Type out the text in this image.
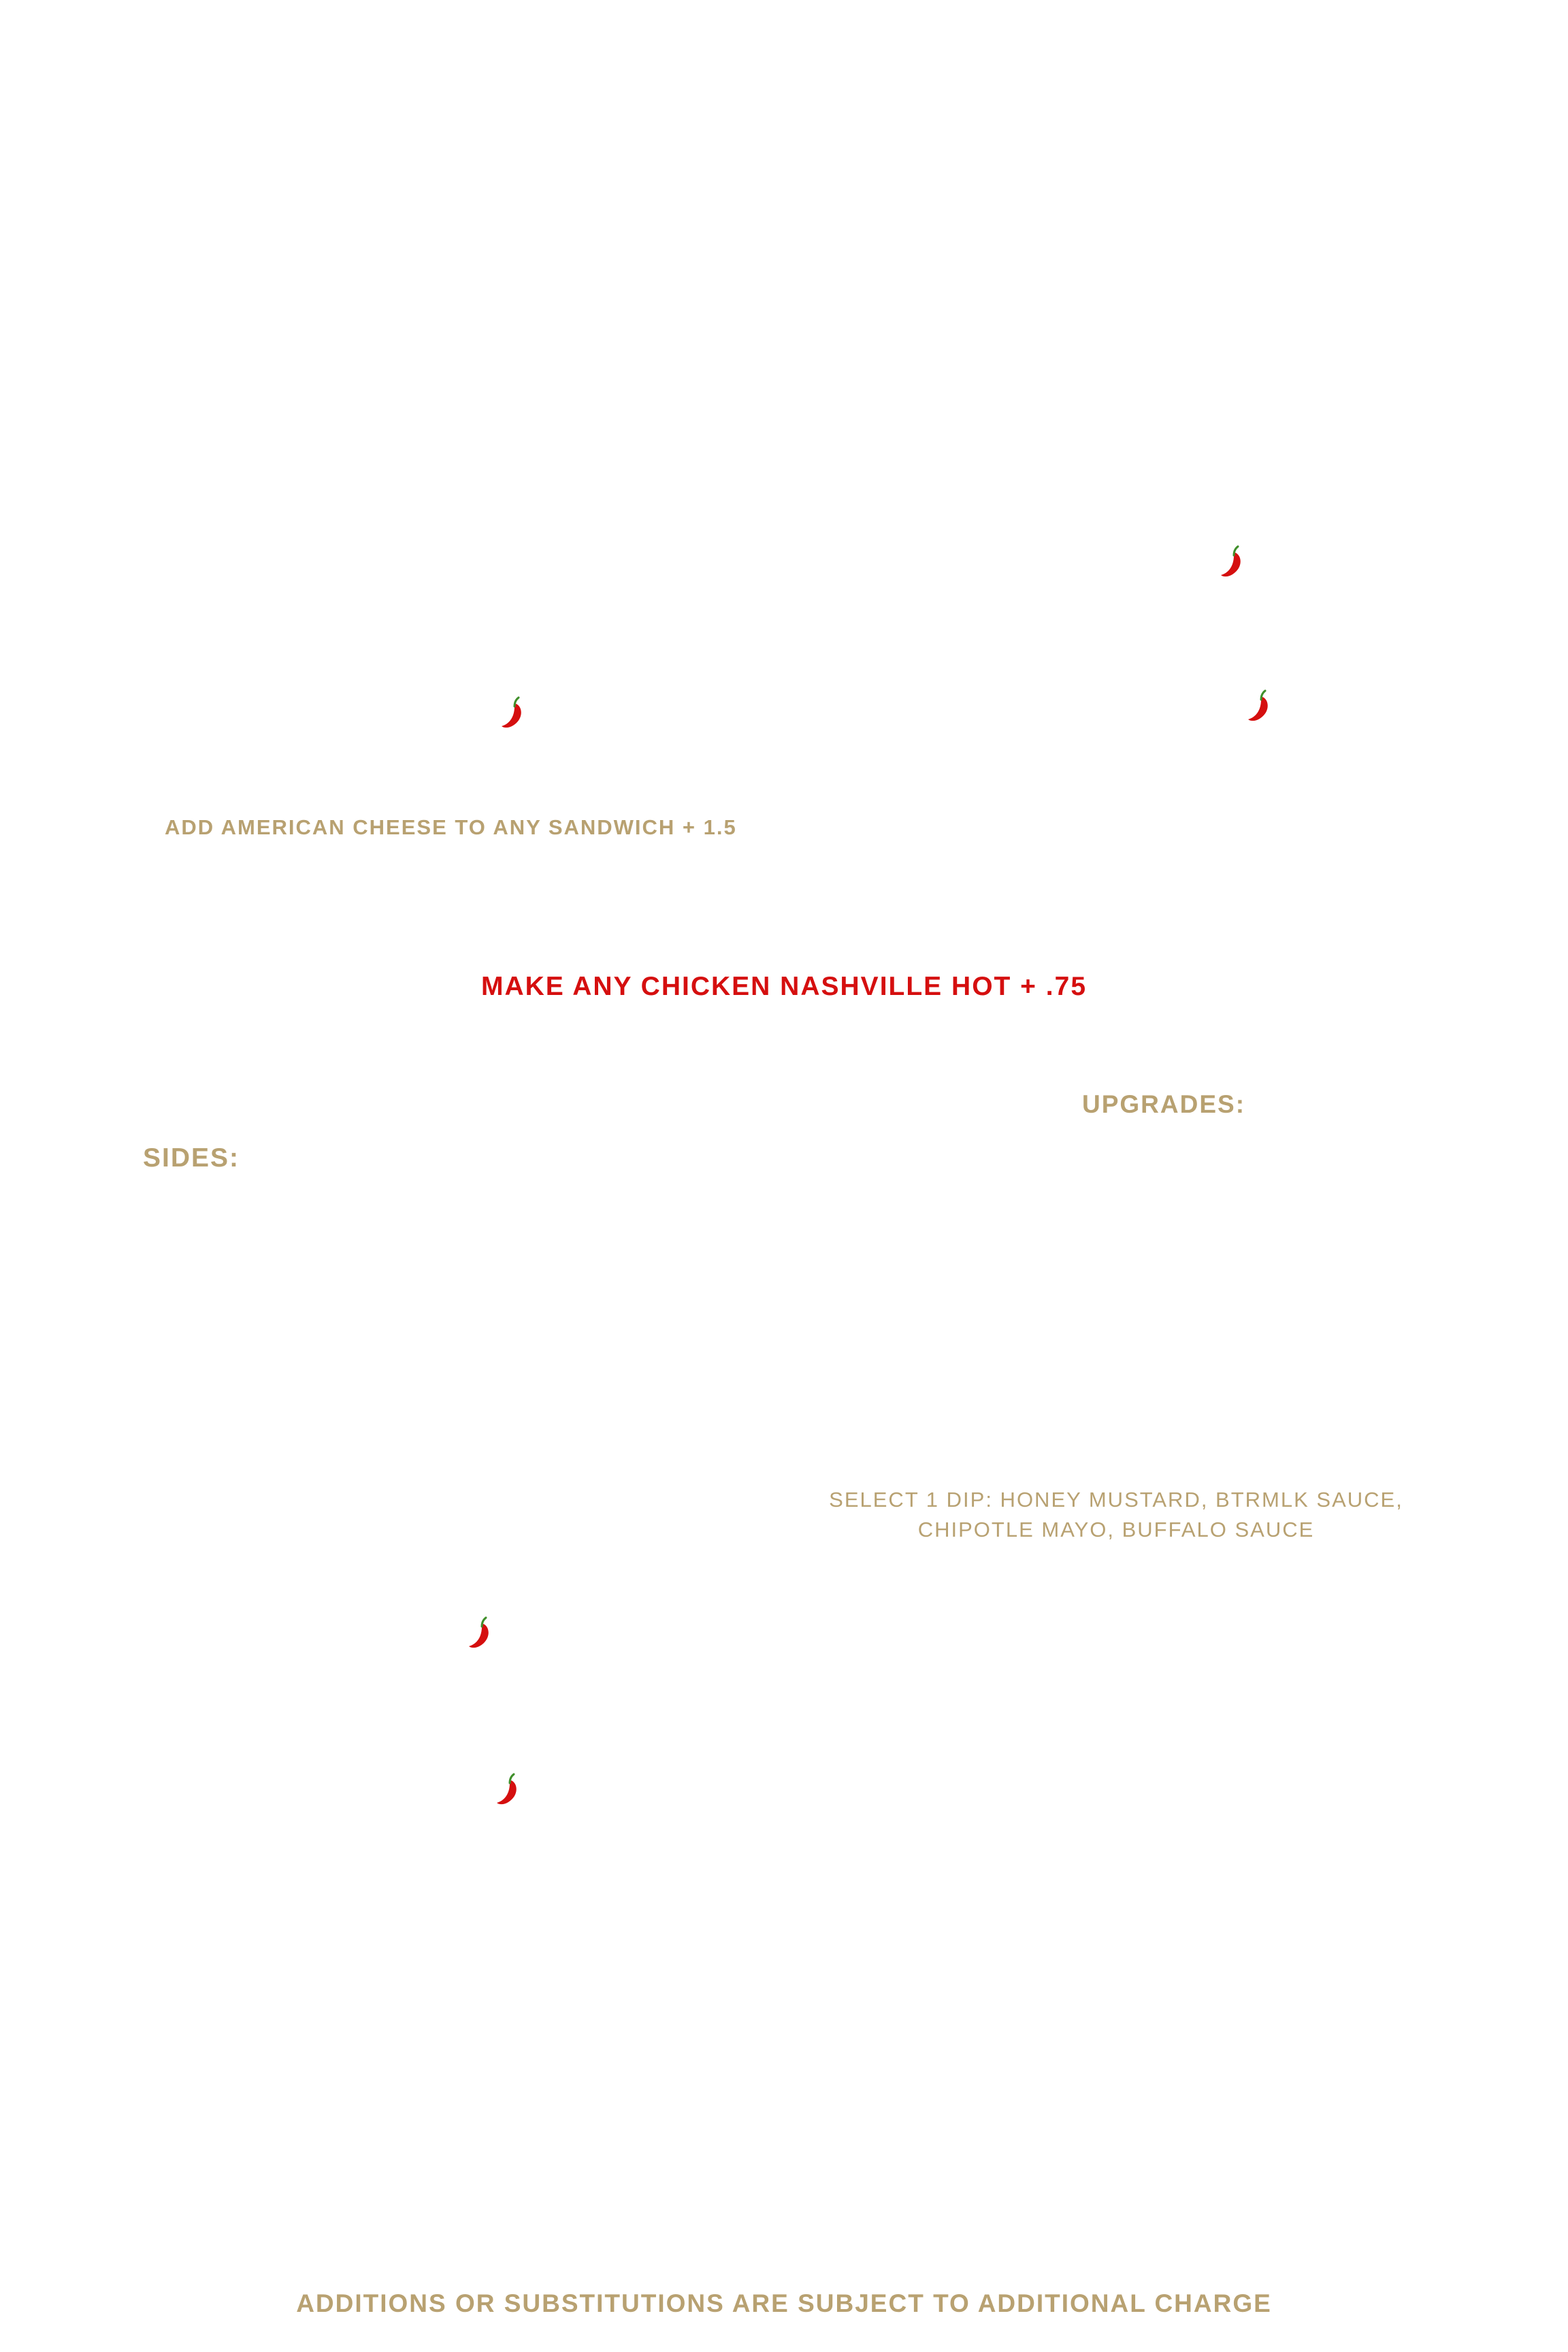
ADD AMERICAN CHEESE TO ANY SANDWICH + 1.5

MAKE ANY CHICKEN NASHVILLE HOT + .75

UPGRADES:

SIDES:

SELECT 1 DIP: HONEY MUSTARD, BTRMLK SAUCE,

CHIPOTLE MAYO, BUFFALO SAUCE

ADDITIONS OR SUBSTITUTIONS ARE SUBJECT TO ADDITIONAL CHARGE
